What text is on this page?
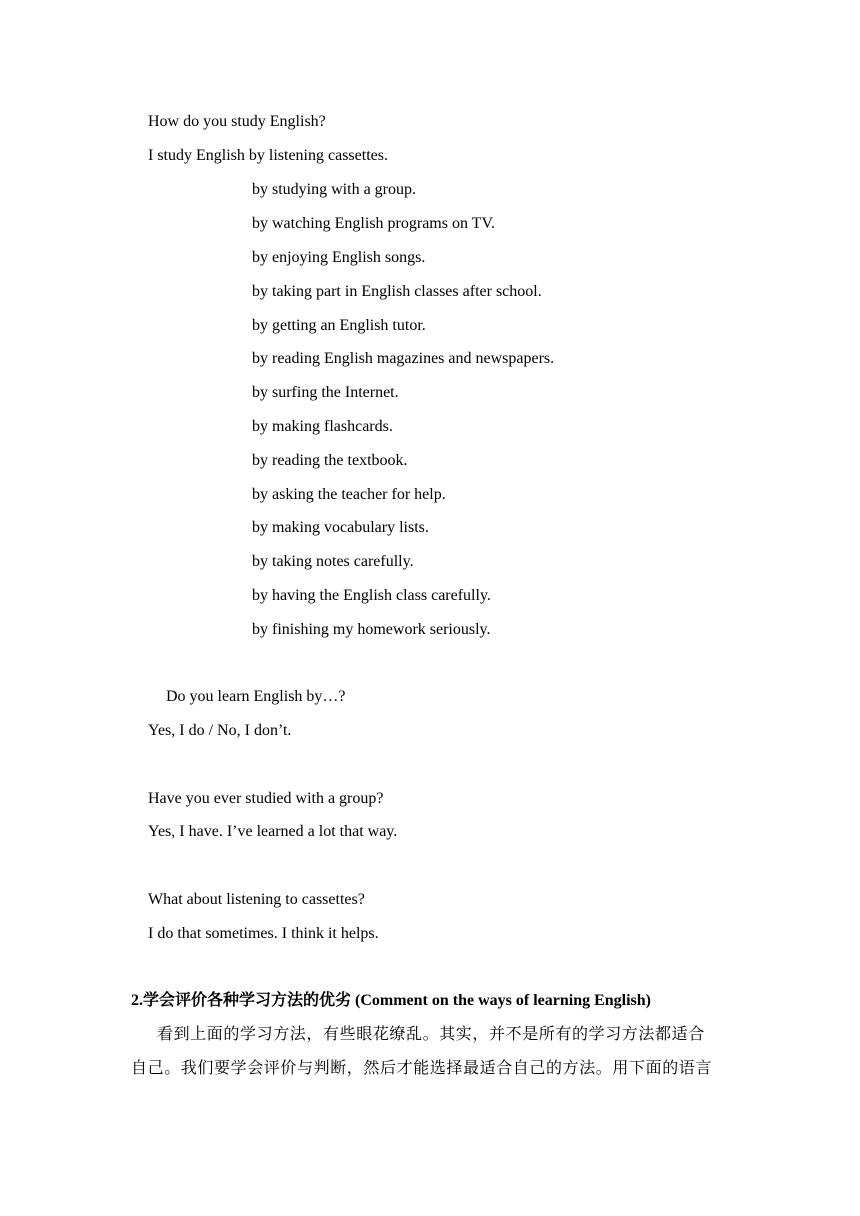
How do you study English?
I study English by listening cassettes.
by studying with a group.
by watching English programs on TV.
by enjoying English songs.
by taking part in English classes after school.
by getting an English tutor.
by reading English magazines and newspapers.
by surfing the Internet.
by making flashcards.
by reading the textbook.
by asking the teacher for help.
by making vocabulary lists.
by taking notes carefully.
by having the English class carefully.
by finishing my homework seriously.
Do you learn English by…?
Yes, I do / No, I don’t.
Have you ever studied with a group?
Yes, I have. I’ve learned a lot that way.
What about listening to cassettes?
I do that sometimes. I think it helps.
2.学会评价各种学习方法的优劣 (Comment on the ways of learning English)
看到上面的学习方法，有些眼花缭乱。其实，并不是所有的学习方法都适合
自己。我们要学会评价与判断，然后才能选择最适合自己的方法。用下面的语言
